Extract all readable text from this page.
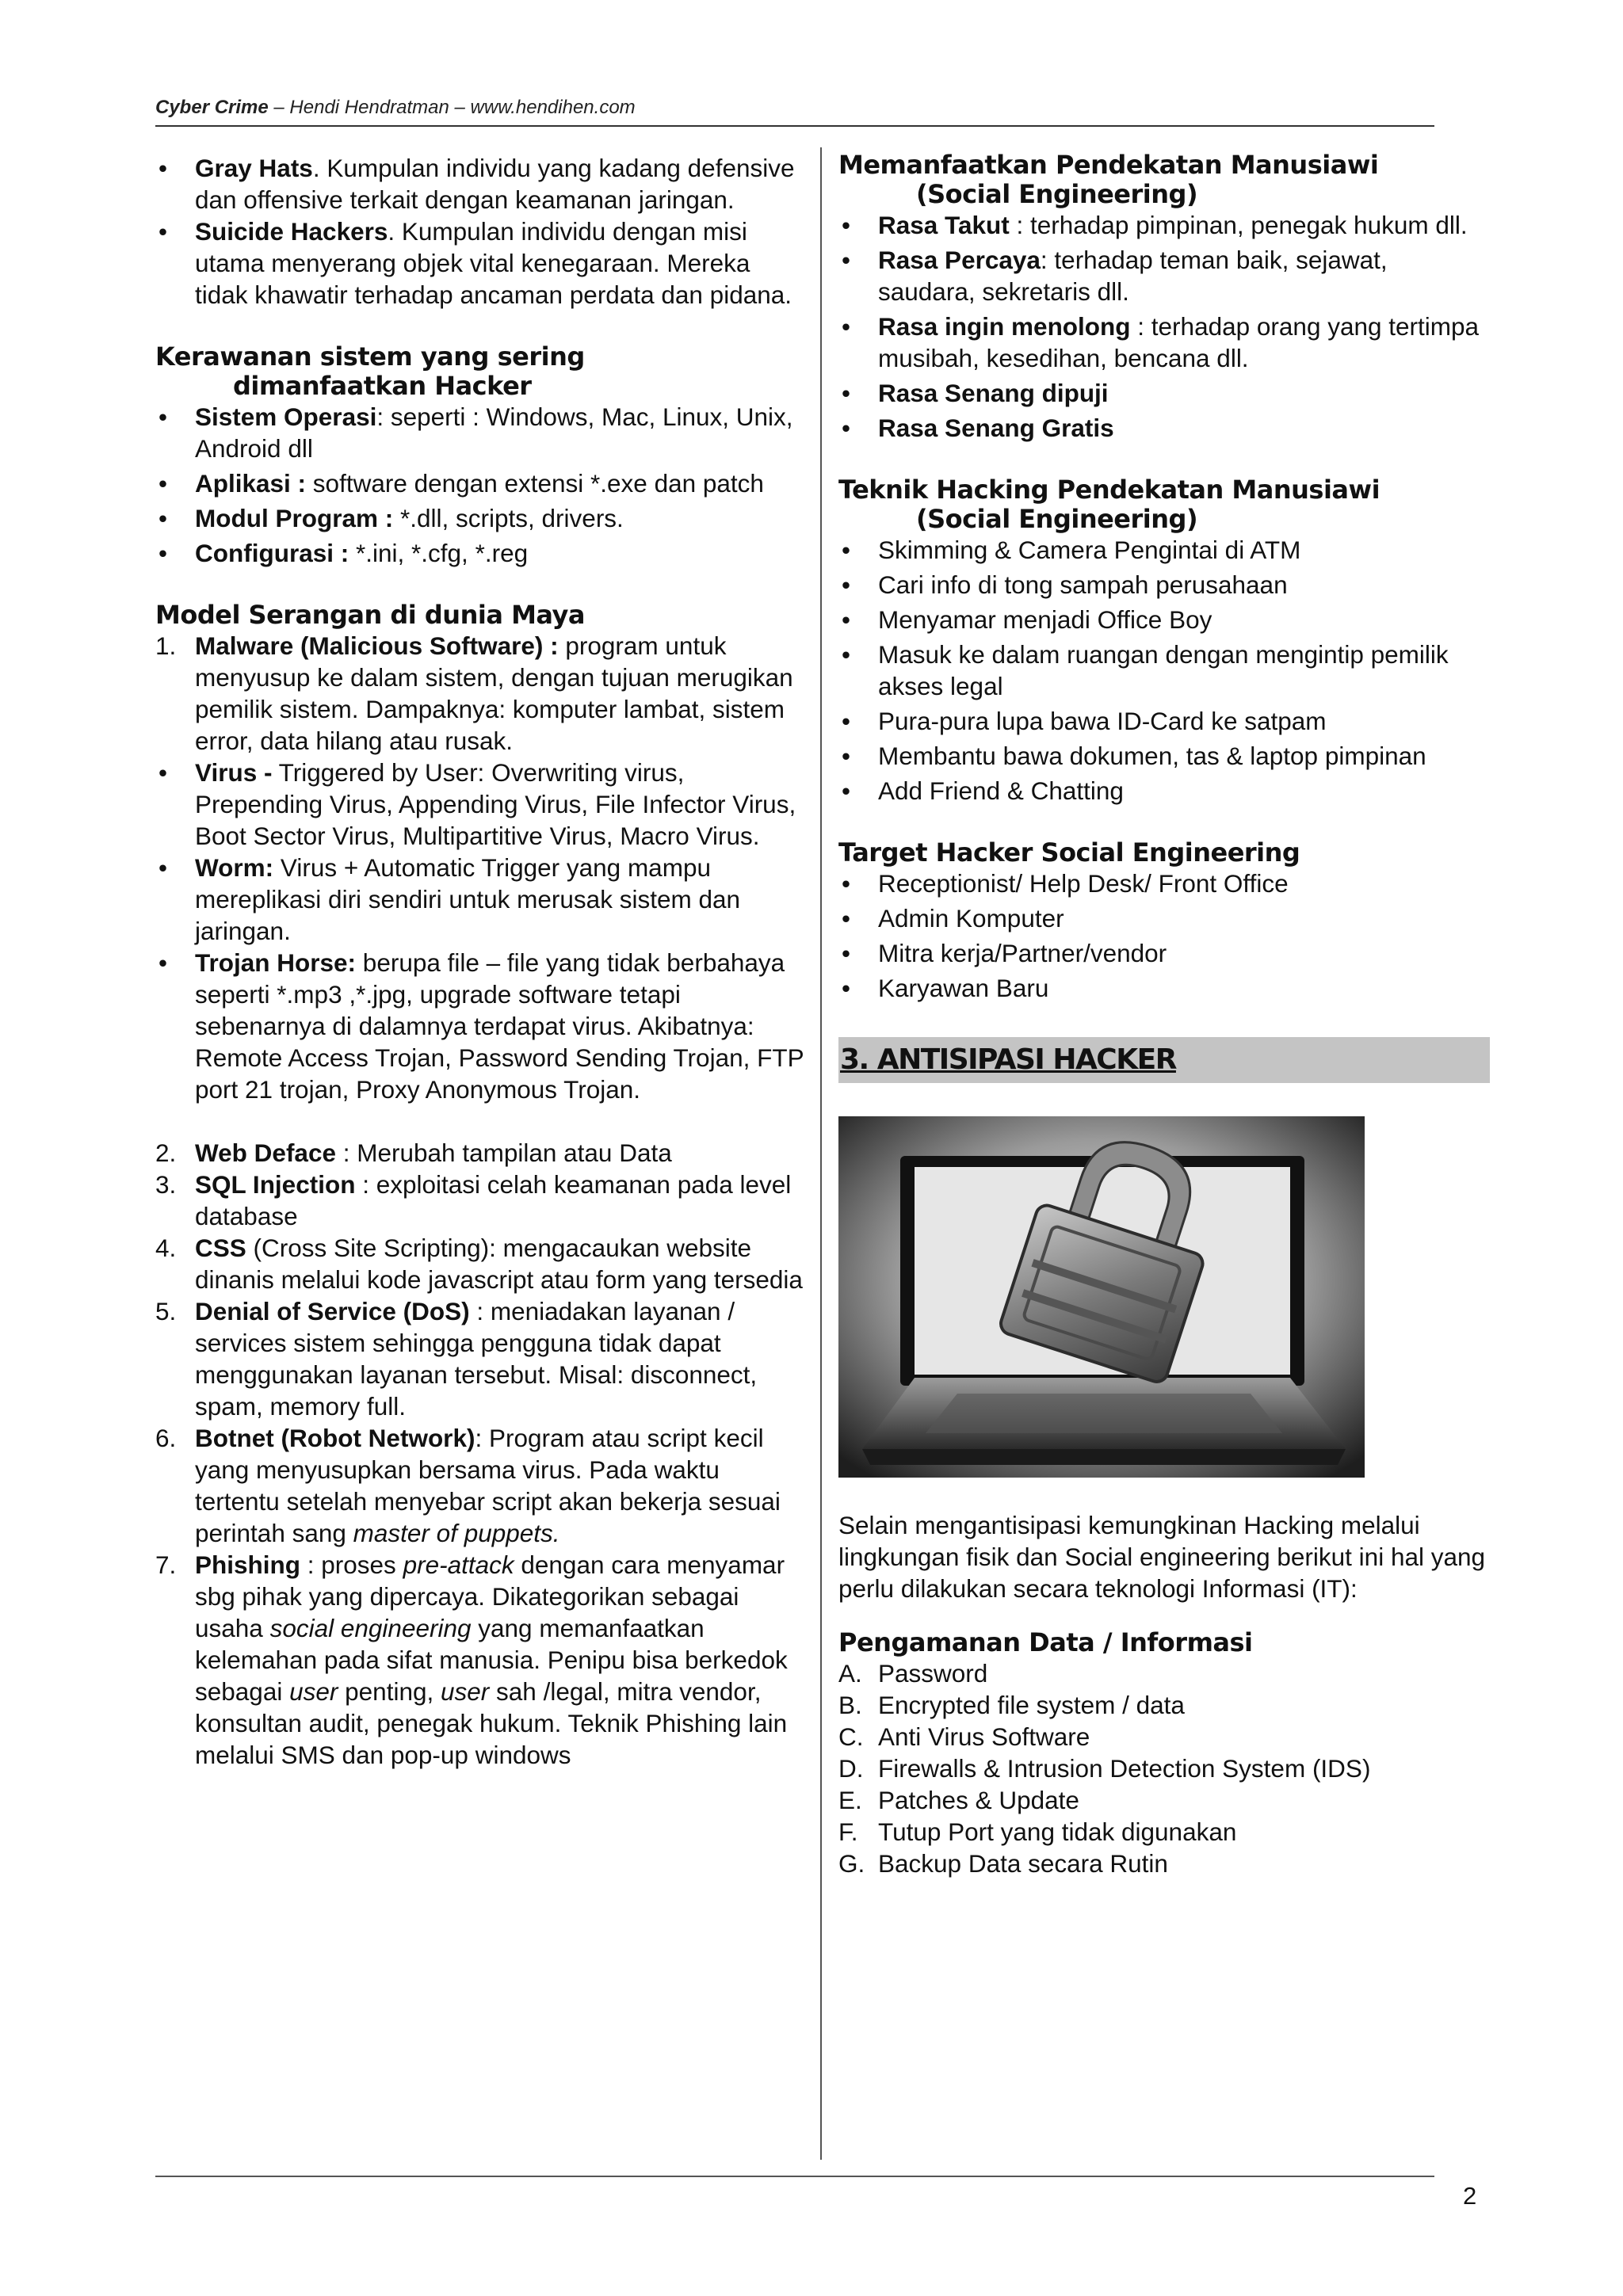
Cyber Crime – Hendi Hendratman – www.hendihen.com
• Gray Hats. Kumpulan individu yang kadang defensive dan offensive terkait dengan keamanan jaringan.
• Suicide Hackers. Kumpulan individu dengan misi utama menyerang objek vital kenegaraan. Mereka tidak khawatir terhadap ancaman perdata dan pidana.
Kerawanan sistem yang sering
dimanfaatkan Hacker
• Sistem Operasi: seperti : Windows, Mac, Linux, Unix, Android dll
• Aplikasi : software dengan extensi *.exe dan patch
• Modul Program : *.dll, scripts, drivers.
• Configurasi : *.ini, *.cfg, *.reg
Model Serangan di dunia Maya
1. Malware (Malicious Software) : program untuk menyusup ke dalam sistem, dengan tujuan merugikan pemilik sistem. Dampaknya: komputer lambat, sistem error, data hilang atau rusak.
• Virus - Triggered by User: Overwriting virus, Prepending Virus, Appending Virus, File Infector Virus, Boot Sector Virus, Multipartitive Virus, Macro Virus.
• Worm: Virus + Automatic Trigger yang mampu mereplikasi diri sendiri untuk merusak sistem dan jaringan.
• Trojan Horse: berupa file – file yang tidak berbahaya seperti *.mp3 ,*.jpg, upgrade software tetapi sebenarnya di dalamnya terdapat virus. Akibatnya: Remote Access Trojan, Password Sending Trojan, FTP port 21 trojan, Proxy Anonymous Trojan.
2. Web Deface : Merubah tampilan atau Data
3. SQL Injection : exploitasi celah keamanan pada level database
4. CSS (Cross Site Scripting): mengacaukan website dinanis melalui kode javascript atau form yang tersedia
5. Denial of Service (DoS) : meniadakan layanan / services sistem sehingga pengguna tidak dapat menggunakan layanan tersebut. Misal: disconnect, spam, memory full.
6. Botnet (Robot Network): Program atau script kecil yang menyusupkan bersama virus. Pada waktu tertentu setelah menyebar script akan bekerja sesuai perintah sang master of puppets.
7. Phishing : proses pre-attack dengan cara menyamar sbg pihak yang dipercaya. Dikategorikan sebagai usaha social engineering yang memanfaatkan kelemahan pada sifat manusia. Penipu bisa berkedok sebagai user penting, user sah /legal, mitra vendor, konsultan audit, penegak hukum. Teknik Phishing lain melalui SMS dan pop-up windows
Memanfaatkan Pendekatan Manusiawi
(Social Engineering)
• Rasa Takut : terhadap pimpinan, penegak hukum dll.
• Rasa Percaya: terhadap teman baik, sejawat, saudara, sekretaris dll.
• Rasa ingin menolong : terhadap orang yang tertimpa musibah, kesedihan, bencana dll.
• Rasa Senang dipuji
• Rasa Senang Gratis
Teknik Hacking Pendekatan Manusiawi
(Social Engineering)
• Skimming & Camera Pengintai di ATM
• Cari info di tong sampah perusahaan
• Menyamar menjadi Office Boy
• Masuk ke dalam ruangan dengan mengintip pemilik akses legal
• Pura-pura lupa bawa ID-Card ke satpam
• Membantu bawa dokumen, tas & laptop pimpinan
• Add Friend & Chatting
Target Hacker Social Engineering
• Receptionist/ Help Desk/ Front Office
• Admin Komputer
• Mitra kerja/Partner/vendor
• Karyawan Baru
3. ANTISIPASI HACKER

Selain mengantisipasi kemungkinan Hacking melalui lingkungan fisik dan Social engineering berikut ini hal yang perlu dilakukan secara teknologi Informasi (IT):

Pengamanan Data / Informasi
A. Password
B. Encrypted file system / data
C. Anti Virus Software
D. Firewalls & Intrusion Detection System (IDS)
E. Patches & Update
F. Tutup Port yang tidak digunakan
G. Backup Data secara Rutin
2
